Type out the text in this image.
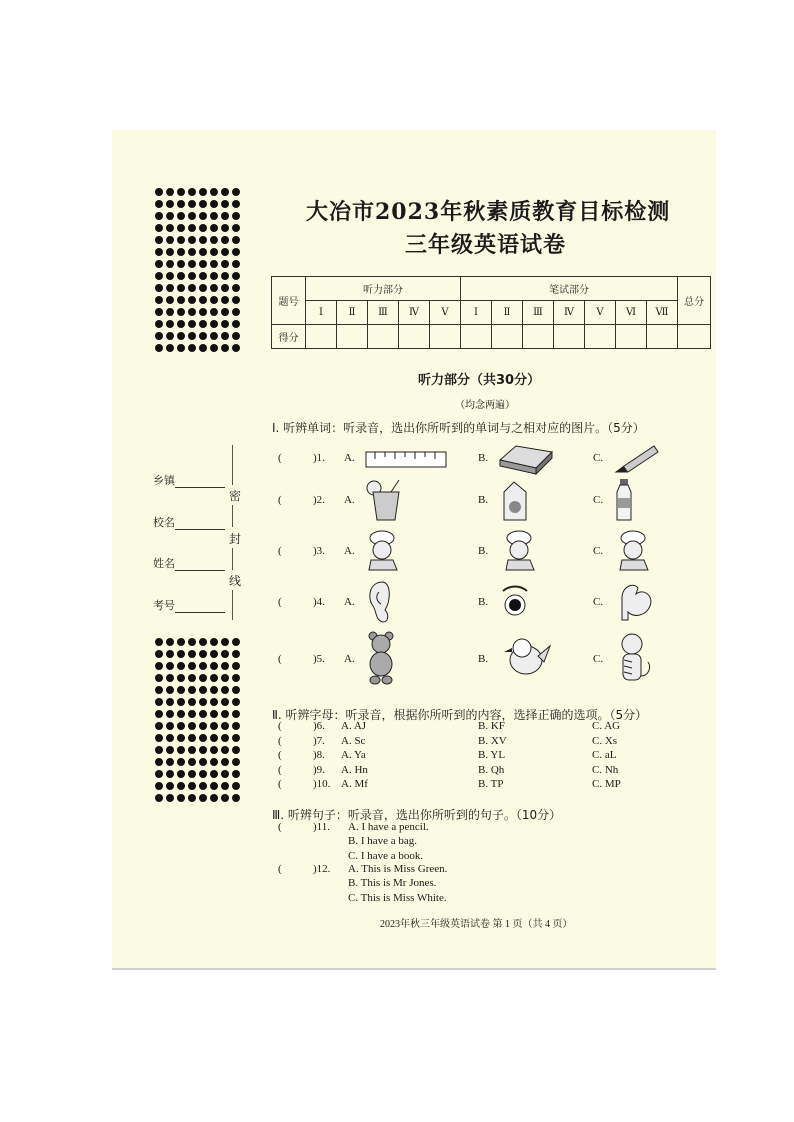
乡镇
校名
姓名
考号
密
封
线
大冶市2023年秋素质教育目标检测
三年级英语试卷
题号	听力部分					笔试部分							总分
	Ⅰ	Ⅱ	Ⅲ	Ⅳ	Ⅴ	Ⅰ	Ⅱ	Ⅲ	Ⅳ	Ⅴ	Ⅵ	Ⅶ	
得分													
听力部分（共30分）
（均念两遍）
Ⅰ. 听辨单词：听录音，选出你所听到的单词与之相对应的图片。（5分）
Ⅱ. 听辨字母：听录音，根据你所听到的内容，选择正确的选项。（5分）
Ⅲ. 听辨句子：听录音，选出你所听到的句子。（10分）
2023年秋三年级英语试卷 第 1 页（共 4 页）
(	)1. A.	B.	C.
(	)2. A.	B.	C.
(	)3. A.	B.	C.
(	)4. A.	B.	C.
(	)5. A.	B.	C.
(	)6. A. AJ	B. KF	C. AG
(	)7. A. Sc	B. XV	C. Xs
(	)8. A. Ya	B. YL	C. aL
(	)9. A. Hn	B. Qh	C. Nh
(	)10. A. Mf	B. TP	C. MP
(	)11. A. I have a pencil.
B. I have a bag.
C. I have a book.
(	)12. A. This is Miss Green.
B. This is Mr Jones.
C. This is Miss White.
